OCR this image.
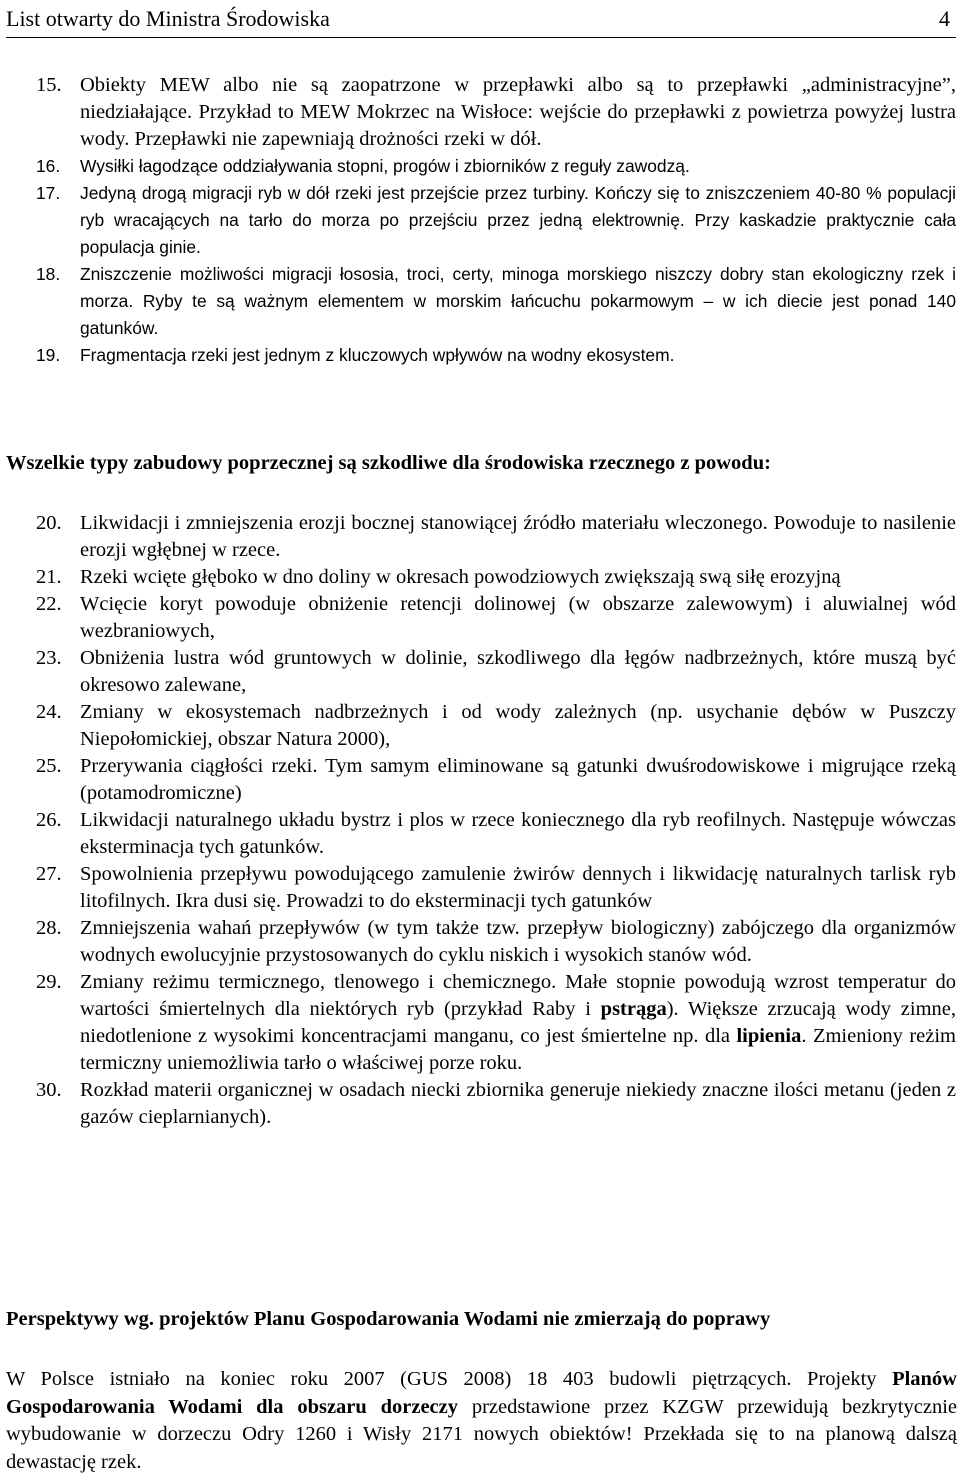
List otwarty do Ministra Środowiska	4
15. Obiekty MEW albo nie są zaopatrzone w przepławki albo są to przepławki „administracyjne”, niedziałające. Przykład to MEW Mokrzec na Wisłoce: wejście do przepławki z powietrza powyżej lustra wody. Przepławki nie zapewniają drożności rzeki w dół.
16. Wysiłki łagodzące oddziaływania stopni, progów i zbiorników z reguły zawodzą.
17. Jedyną drogą migracji ryb w dół rzeki jest przejście przez turbiny. Kończy się to zniszczeniem 40-80 % populacji ryb wracających na tarło do morza po przejściu przez jedną elektrownię. Przy kaskadzie praktycznie cała populacja ginie.
18. Zniszczenie możliwości migracji łososia, troci, certy, minoga morskiego niszczy dobry stan ekologiczny rzek i morza. Ryby te są ważnym elementem w morskim łańcuchu pokarmowym – w ich diecie jest ponad 140 gatunków.
19. Fragmentacja rzeki jest jednym z kluczowych wpływów na wodny ekosystem.
Wszelkie typy zabudowy poprzecznej są szkodliwe dla środowiska rzecznego z powodu:
20. Likwidacji i zmniejszenia erozji bocznej stanowiącej źródło materiału wleczonego. Powoduje to nasilenie erozji wgłębnej w rzece.
21. Rzeki wcięte głęboko w dno doliny w okresach powodziowych zwiększają swą siłę erozyjną
22. Wcięcie koryt powoduje obniżenie retencji dolinowej (w obszarze zalewowym) i aluwialnej wód wezbraniowych,
23. Obniżenia lustra wód gruntowych w dolinie, szkodliwego dla łęgów nadbrzeżnych, które muszą być okresowo zalewane,
24. Zmiany w ekosystemach nadbrzeżnych i od wody zależnych (np. usychanie dębów w Puszczy Niepołomickiej, obszar Natura 2000),
25. Przerywania ciągłości rzeki. Tym samym eliminowane są gatunki dwuśrodowiskowe i migrujące rzeką (potamodromiczne)
26. Likwidacji naturalnego układu bystrz i plos w rzece koniecznego dla ryb reofilnych. Następuje wówczas eksterminacja tych gatunków.
27. Spowolnienia przepływu powodującego zamulenie żwirów dennych i likwidację naturalnych tarlisk ryb litofilnych. Ikra dusi się. Prowadzi to do eksterminacji tych gatunków
28. Zmniejszenia wahań przepływów (w tym także tzw. przepływ biologiczny) zabójczego dla organizmów wodnych ewolucyjnie przystosowanych do cyklu niskich i wysokich stanów wód.
29. Zmiany reżimu termicznego, tlenowego i chemicznego. Małe stopnie powodują wzrost temperatur do wartości śmiertelnych dla niektórych ryb (przykład Raby i pstrąga). Większe zrzucają wody zimne, niedotlenione z wysokimi koncentracjami manganu, co jest śmiertelne np. dla lipienia. Zmieniony reżim termiczny uniemożliwia tarło o właściwej porze roku.
30. Rozkład materii organicznej w osadach niecki zbiornika generuje niekiedy znaczne ilości metanu (jeden z gazów cieplarnianych).
Perspektywy wg. projektów Planu Gospodarowania Wodami nie zmierzają do poprawy

W Polsce istniało na koniec roku 2007 (GUS 2008) 18 403 budowli piętrzących. Projekty Planów Gospodarowania Wodami dla obszaru dorzeczy przedstawione przez KZGW przewidują bezkrytycznie wybudowanie w dorzeczu Odry 1260 i Wisły 2171 nowych obiektów! Przekłada się to na planową dalszą dewastację rzek.
